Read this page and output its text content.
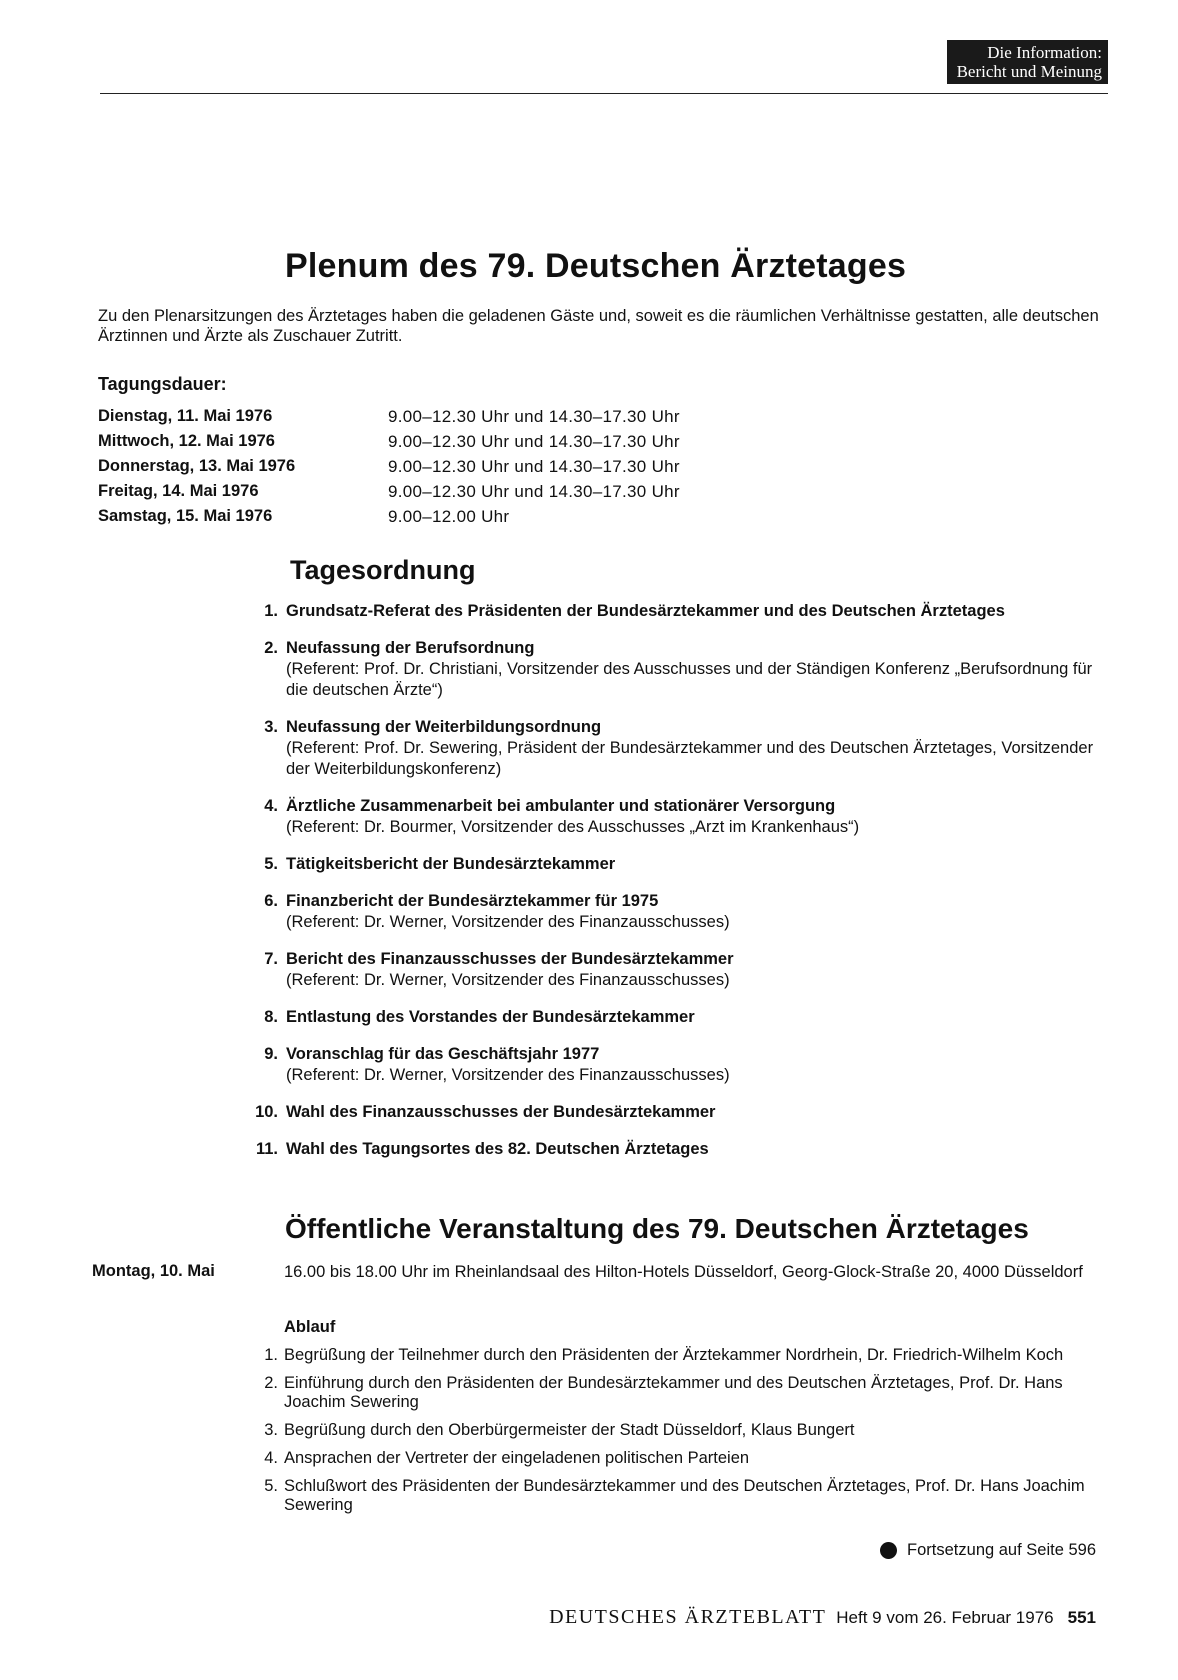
Die Information:
Bericht und Meinung
Plenum des 79. Deutschen Ärztetages

Zu den Plenarsitzungen des Ärztetages haben die geladenen Gäste und, soweit es die räumlichen Verhältnisse gestatten, alle deutschen Ärztinnen und Ärzte als Zuschauer Zutritt.

Tagungsdauer:
Dienstag, 11. Mai 1976	9.00–12.30 Uhr und 14.30–17.30 Uhr
Mittwoch, 12. Mai 1976	9.00–12.30 Uhr und 14.30–17.30 Uhr
Donnerstag, 13. Mai 1976	9.00–12.30 Uhr und 14.30–17.30 Uhr
Freitag, 14. Mai 1976	9.00–12.30 Uhr und 14.30–17.30 Uhr
Samstag, 15. Mai 1976	9.00–12.00 Uhr
Tagesordnung
1. Grundsatz-Referat des Präsidenten der Bundesärztekammer und des Deutschen Ärztetages
2. Neufassung der Berufsordnung
(Referent: Prof. Dr. Christiani, Vorsitzender des Ausschusses und der Ständigen Konferenz „Berufsordnung für die deutschen Ärzte“)
3. Neufassung der Weiterbildungsordnung
(Referent: Prof. Dr. Sewering, Präsident der Bundesärztekammer und des Deutschen Ärztetages, Vorsitzender der Weiterbildungskonferenz)
4. Ärztliche Zusammenarbeit bei ambulanter und stationärer Versorgung
(Referent: Dr. Bourmer, Vorsitzender des Ausschusses „Arzt im Krankenhaus“)
5. Tätigkeitsbericht der Bundesärztekammer
6. Finanzbericht der Bundesärztekammer für 1975
(Referent: Dr. Werner, Vorsitzender des Finanzausschusses)
7. Bericht des Finanzausschusses der Bundesärztekammer
(Referent: Dr. Werner, Vorsitzender des Finanzausschusses)
8. Entlastung des Vorstandes der Bundesärztekammer
9. Voranschlag für das Geschäftsjahr 1977
(Referent: Dr. Werner, Vorsitzender des Finanzausschusses)
10. Wahl des Finanzausschusses der Bundesärztekammer
11. Wahl des Tagungsortes des 82. Deutschen Ärztetages
Öffentliche Veranstaltung des 79. Deutschen Ärztetages
Montag, 10. Mai	16.00 bis 18.00 Uhr im Rheinlandsaal des Hilton-Hotels Düsseldorf, Georg-Glock-Straße 20, 4000 Düsseldorf

Ablauf
1. Begrüßung der Teilnehmer durch den Präsidenten der Ärztekammer Nordrhein, Dr. Friedrich-Wilhelm Koch
2. Einführung durch den Präsidenten der Bundesärztekammer und des Deutschen Ärztetages, Prof. Dr. Hans Joachim Sewering
3. Begrüßung durch den Oberbürgermeister der Stadt Düsseldorf, Klaus Bungert
4. Ansprachen der Vertreter der eingeladenen politischen Parteien
5. Schlußwort des Präsidenten der Bundesärztekammer und des Deutschen Ärztetages, Prof. Dr. Hans Joachim Sewering
Fortsetzung auf Seite 596
DEUTSCHES ÄRZTEBLATT Heft 9 vom 26. Februar 1976 551
